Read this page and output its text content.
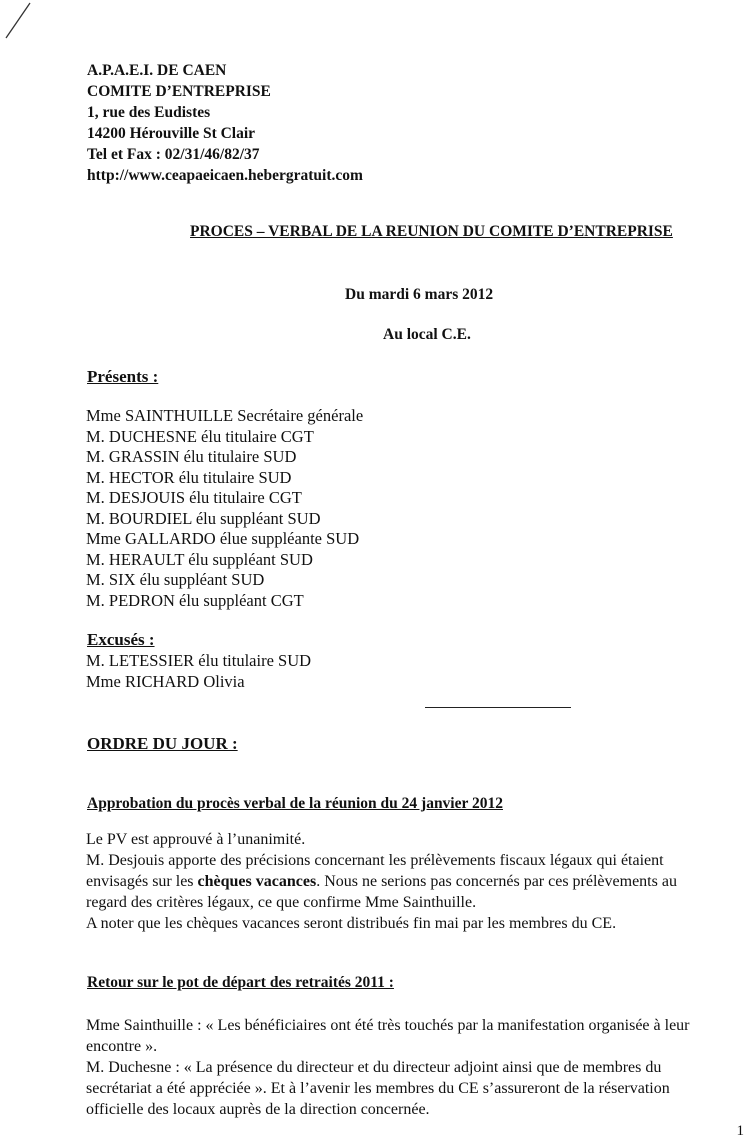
A.P.A.E.I. DE CAEN
COMITE D’ENTREPRISE
1, rue des Eudistes
14200 Hérouville St Clair
Tel et Fax : 02/31/46/82/37
http://www.ceapaeicaen.hebergratuit.com
PROCES – VERBAL DE LA REUNION DU COMITE D’ENTREPRISE
Du mardi 6 mars 2012
Au local C.E.
Présents :
Mme SAINTHUILLE Secrétaire générale
M. DUCHESNE élu titulaire CGT
M. GRASSIN élu titulaire SUD
M. HECTOR élu titulaire SUD
M. DESJOUIS élu titulaire CGT
M. BOURDIEL élu suppléant SUD
Mme GALLARDO élue suppléante SUD
M. HERAULT élu suppléant SUD
M. SIX élu suppléant SUD
M. PEDRON élu suppléant CGT
Excusés :
M. LETESSIER élu titulaire SUD
Mme RICHARD Olivia
ORDRE DU JOUR :
Approbation du procès verbal de la réunion du 24 janvier 2012
Le PV est approuvé à l’unanimité.
M. Desjouis apporte des précisions concernant les prélèvements fiscaux légaux qui étaient
envisagés sur les chèques vacances. Nous ne serions pas concernés par ces prélèvements au
regard des critères légaux, ce que confirme Mme Sainthuille.
A noter que les chèques vacances seront distribués fin mai par les membres du CE.
Retour sur le pot de départ des retraités 2011 :
Mme Sainthuille : « Les bénéficiaires ont été très touchés par la manifestation organisée à leur
encontre ».
M. Duchesne : « La présence du directeur et du directeur adjoint ainsi que de membres du
secrétariat a été appréciée ». Et à l’avenir les membres du CE s’assureront de la réservation
officielle des locaux auprès de la direction concernée.
1
